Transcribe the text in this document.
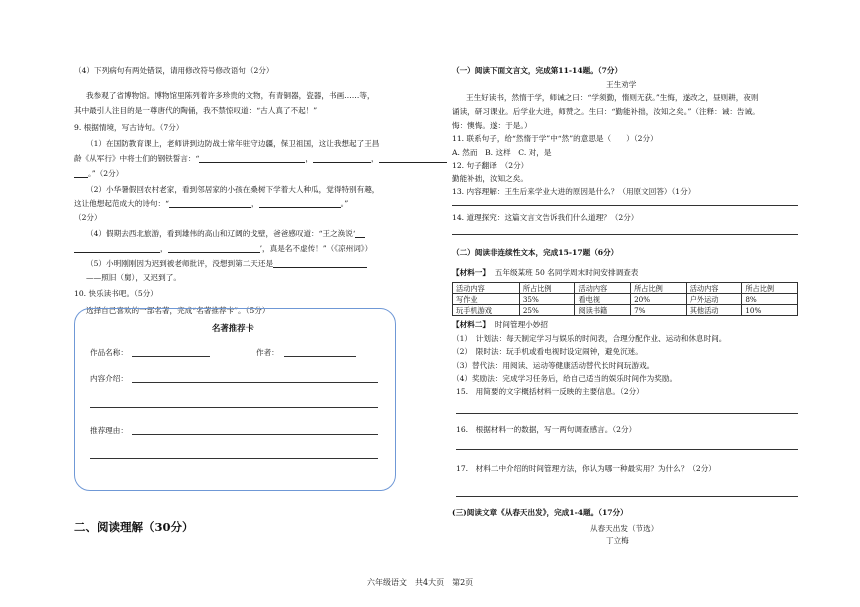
（4）下列病句有两处错误，请用修改符号修改语句（2分）
我参观了省博物馆。博物馆里陈列着许多珍贵的文物，有青铜器，瓷器，书画……等，
其中最引人注目的是一尊唐代的陶俑，我不禁惊叹道：“古人真了不起！”
9. 根据情境，写古诗句。（7分）
（1）在国防教育课上，老师讲到边防战士常年驻守边疆，保卫祖国，这让我想起了王昌
龄《从军行》中将士们的钢铁誓言：“	，	，
。”（2分）
（2）小华暑假回农村老家，看到邻居家的小孩在桑树下学着大人种瓜，觉得特别有趣，
这让他想起范成大的诗句：“	，	。”
（2分）
（4）假期去西北旅游，看到雄伟的高山和辽阔的戈壁，爸爸感叹道：“王之涣说‘
，	’，真是名不虚传！”（《凉州词》）
（5）小明刚刚因为迟到被老师批评，没想到第二天还是
——照旧（舅），又迟到了。
10. 快乐读书吧。（5分）
选择自己喜欢的一部名著，完成“名著推荐卡”。（5分）
名著推荐卡
作品名称：	作者：
内容介绍：
推荐理由：
二、阅读理解（30分）
（一）阅读下面文言文，完成第11-14题。（7分）
王生劝学
王生好读书，然惰于学，师诫之曰：“学须勤，惰则无获。”生悔，遂改之，昼则耕，夜则
诵读，研习课业。后学业大进，师赞之。生曰：“勤能补拙，汝知之矣。”（注释：诫：告诫。
悔：懊悔。遂：于是。）
11. 联系句子，给“然惰于学”中“然”的意思是（　　）（2分）
A. 然而　B. 这样　C. 对，是
12. 句子翻译　（2分）
勤能补拙，汝知之矣。
13. 内容理解：王生后来学业大进的原因是什么？（用原文回答）（1分）
14. 道理探究：这篇文言文告诉我们什么道理？（2分）
（二）阅读非连续性文本，完成15-17题（6分）
【材料一】 五年级某班 50 名同学周末时间安排调查表
活动内容	所占比例	活动内容	所占比例	活动内容	所占比例
写作业	35%	看电视	20%	户外运动	8%
玩手机游戏	25%	阅读书籍	7%	其他活动	10%
【材料二】 时间管理小妙招
（1）　计划法：每天制定学习与娱乐的时间表，合理分配作业、运动和休息时间。
（2）　限时法：玩手机或看电视时设定闹钟，避免沉迷。
（3）替代法：用阅读、运动等健康活动替代长时间玩游戏。
（4）奖励法：完成学习任务后，给自己适当的娱乐时间作为奖励。
15.　用简要的文字概括材料一反映的主要信息。（2分）
16.　根据材料一的数据，写一两句调查感言。（2分）
17.　材料二中介绍的时间管理方法，你认为哪一种最实用？为什么？（2分）
(三)阅读文章《从春天出发》，完成1-4题。（17分）
从春天出发（节选）
丁立梅
六年级语文　共4大页　第2页
